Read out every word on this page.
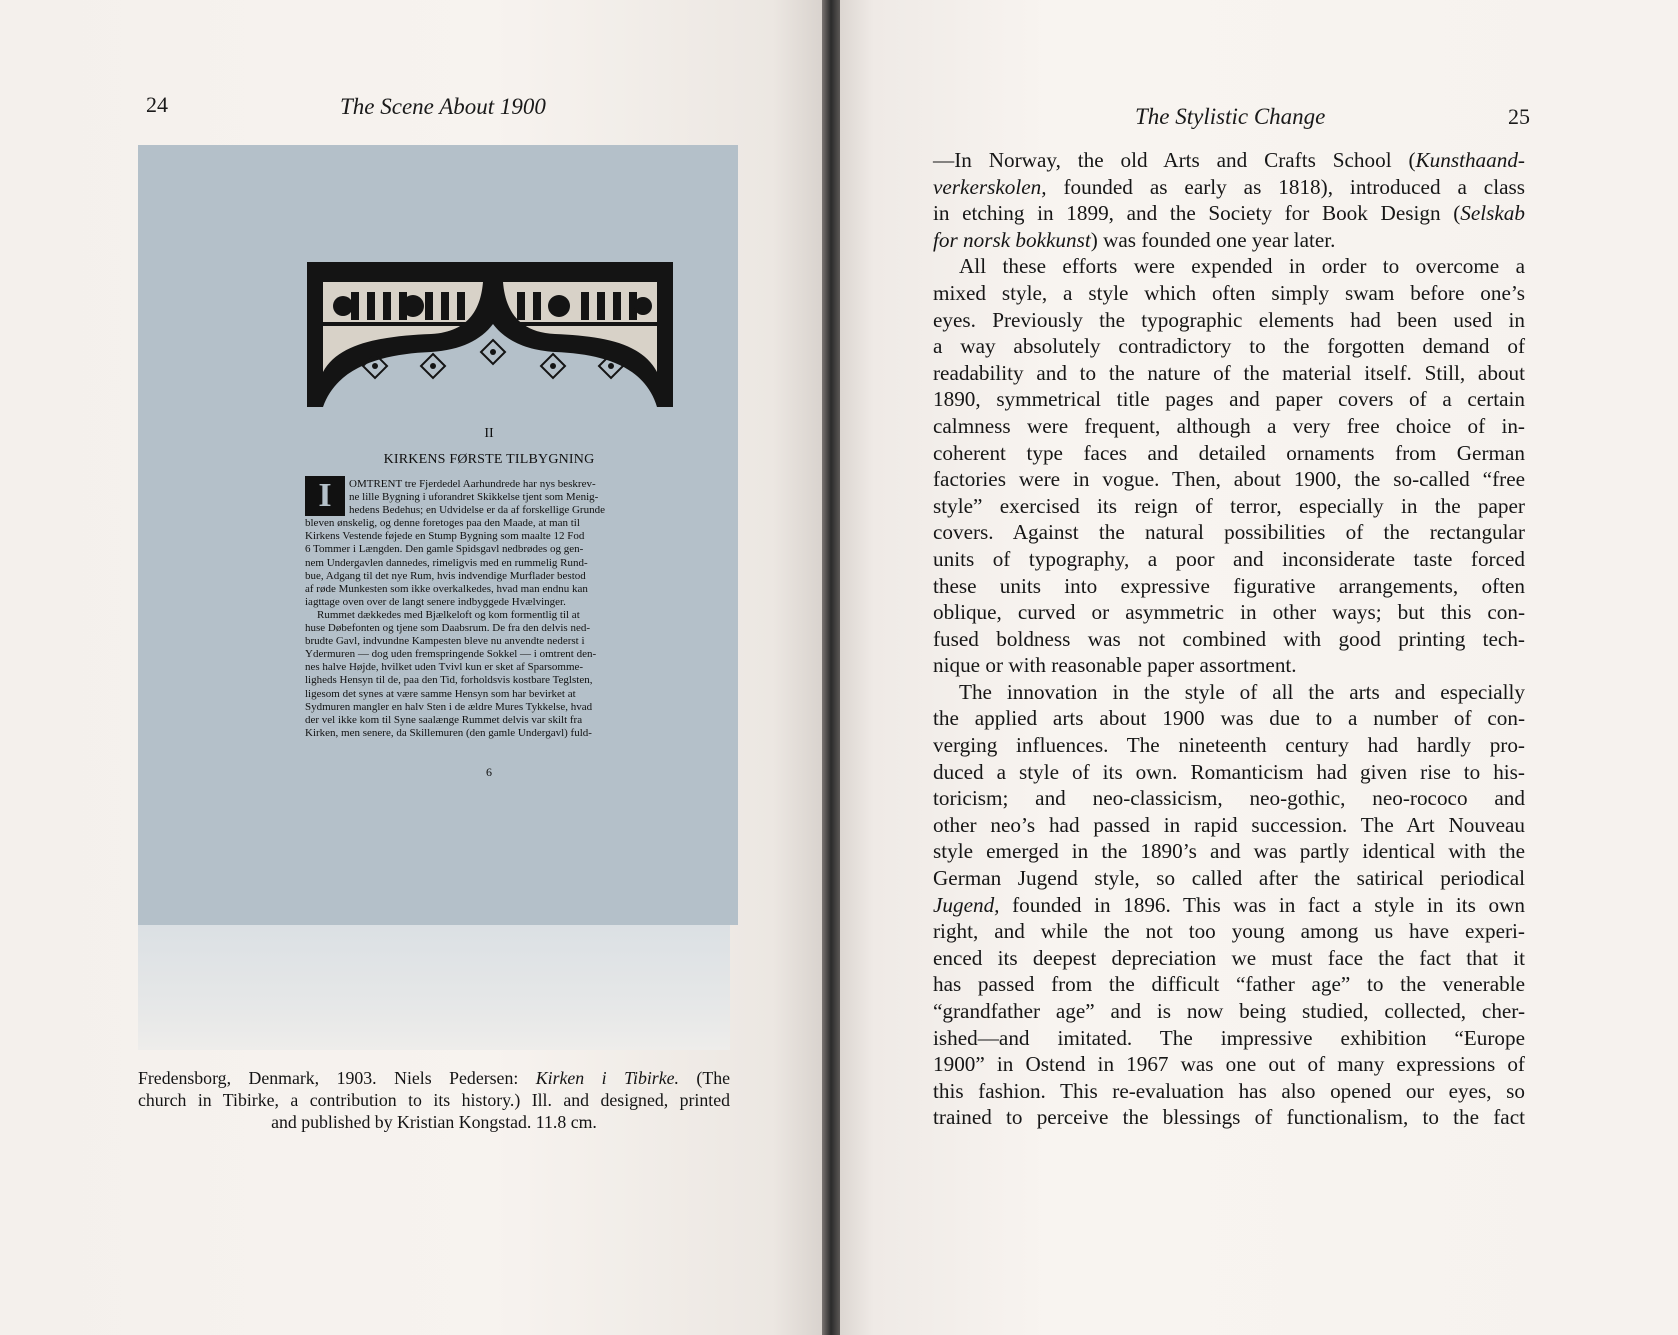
24	The Scene About 1900
II
KIRKENS FØRSTE TILBYGNING
I	OMTRENT tre Fjerdedel Aarhundrede har nys beskrev-
ne lille Bygning i uforandret Skikkelse tjent som Menig-
hedens Bedehus; en Udvidelse er da af forskellige Grunde
bleven ønskelig, og denne foretoges paa den Maade, at man til
Kirkens Vestende føjede en Stump Bygning som maalte 12 Fod
6 Tommer i Længden. Den gamle Spidsgavl nedbrødes og gen-
nem Undergavlen dannedes, rimeligvis med en rummelig Rund-
bue, Adgang til det nye Rum, hvis indvendige Murflader bestod
af røde Munkesten som ikke overkalkedes, hvad man endnu kan
iagttage oven over de langt senere indbyggede Hvælvinger.
Rummet dækkedes med Bjælkeloft og kom formentlig til at
huse Døbefonten og tjene som Daabsrum. De fra den delvis ned-
brudte Gavl, indvundne Kampesten bleve nu anvendte nederst i
Ydermuren — dog uden fremspringende Sokkel — i omtrent den-
nes halve Højde, hvilket uden Tvivl kun er sket af Sparsomme-
ligheds Hensyn til de, paa den Tid, forholdsvis kostbare Teglsten,
ligesom det synes at være samme Hensyn som har bevirket at
Sydmuren mangler en halv Sten i de ældre Mures Tykkelse, hvad
der vel ikke kom til Syne saalænge Rummet delvis var skilt fra
Kirken, men senere, da Skillemuren (den gamle Undergavl) fuld-

6
Fredensborg, Denmark, 1903. Niels Pedersen: Kirken i Tibirke. (The
church in Tibirke, a contribution to its history.) Ill. and designed, printed
and published by Kristian Kongstad. 11.8 cm.
The Stylistic Change	25
—In Norway, the old Arts and Crafts School (Kunsthaand-
verkerskolen, founded as early as 1818), introduced a class
in etching in 1899, and the Society for Book Design (Selskab
for norsk bokkunst) was founded one year later.
All these efforts were expended in order to overcome a
mixed style, a style which often simply swam before one’s
eyes. Previously the typographic elements had been used in
a way absolutely contradictory to the forgotten demand of
readability and to the nature of the material itself. Still, about
1890, symmetrical title pages and paper covers of a certain
calmness were frequent, although a very free choice of in-
coherent type faces and detailed ornaments from German
factories were in vogue. Then, about 1900, the so-called “free
style” exercised its reign of terror, especially in the paper
covers. Against the natural possibilities of the rectangular
units of typography, a poor and inconsiderate taste forced
these units into expressive figurative arrangements, often
oblique, curved or asymmetric in other ways; but this con-
fused boldness was not combined with good printing tech-
nique or with reasonable paper assortment.
The innovation in the style of all the arts and especially
the applied arts about 1900 was due to a number of con-
verging influences. The nineteenth century had hardly pro-
duced a style of its own. Romanticism had given rise to his-
toricism; and neo-classicism, neo-gothic, neo-rococo and
other neo’s had passed in rapid succession. The Art Nouveau
style emerged in the 1890’s and was partly identical with the
German Jugend style, so called after the satirical periodical
Jugend, founded in 1896. This was in fact a style in its own
right, and while the not too young among us have experi-
enced its deepest depreciation we must face the fact that it
has passed from the difficult “father age” to the venerable
“grandfather age” and is now being studied, collected, cher-
ished—and imitated. The impressive exhibition “Europe
1900” in Ostend in 1967 was one out of many expressions of
this fashion. This re-evaluation has also opened our eyes, so
trained to perceive the blessings of functionalism, to the fact
